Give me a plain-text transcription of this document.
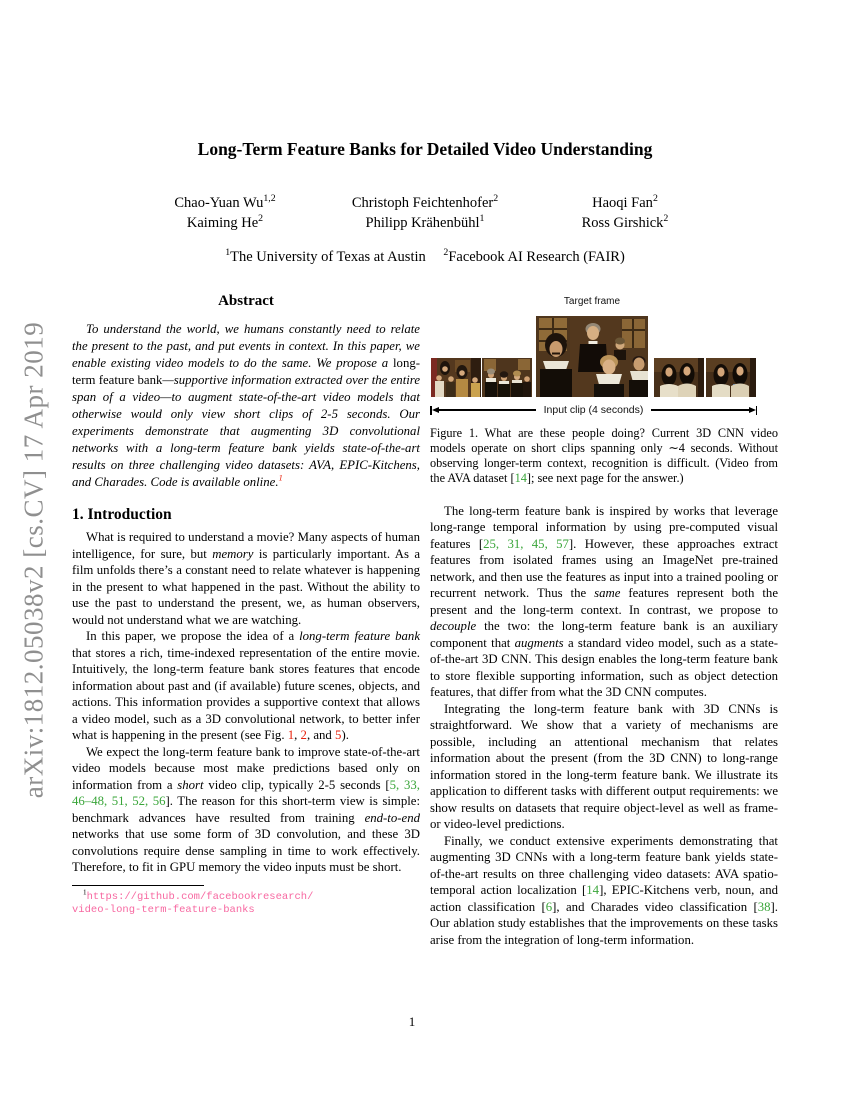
arXiv:1812.05038v2 [cs.CV] 17 Apr 2019
Long-Term Feature Banks for Detailed Video Understanding
Chao-Yuan Wu$^{1,2}$
Kaiming He$^2$
Christoph Feichtenhofer$^2$
Philipp Krähenbühl$^1$
Haoqi Fan$^2$
Ross Girshick$^2$
$^1$The University of Texas at Austin $^2$Facebook AI Research (FAIR)
Abstract

To understand the world, we humans constantly need to relate the present to the past, and put events in context. In this paper, we enable existing video models to do the same. We propose a long-term feature bank—supportive information extracted over the entire span of a video—to augment state-of-the-art video models that otherwise would only view short clips of 2-5 seconds. Our experiments demonstrate that augmenting 3D convolutional networks with a long-term feature bank yields state-of-the-art results on three challenging video datasets: AVA, EPIC-Kitchens, and Charades. Code is available online.$^1$

1. Introduction

What is required to understand a movie? Many aspects of human intelligence, for sure, but memory is particularly important. As a film unfolds there’s a constant need to relate whatever is happening in the present to what happened in the past. Without the ability to use the past to understand the present, we, as human observers, would not understand what we are watching.

In this paper, we propose the idea of a long-term feature bank that stores a rich, time-indexed representation of the entire movie. Intuitively, the long-term feature bank stores features that encode information about past and (if available) future scenes, objects, and actions. This information provides a supportive context that allows a video model, such as a 3D convolutional network, to better infer what is happening in the present (see Fig. 1, 2, and 5).

We expect the long-term feature bank to improve state-of-the-art video models because most make predictions based only on information from a short video clip, typically 2-5 seconds [5, 33, 46–48, 51, 52, 56]. The reason for this short-term view is simple: benchmark advances have resulted from training end-to-end networks that use some form of 3D convolution, and these 3D convolutions require dense sampling in time to work effectively. Therefore, to fit in GPU memory the video inputs must be short.

$^1$https://github.com/facebookresearch/
video-long-term-feature-banks
Target frame
Input clip (4 seconds)
Figure 1. What are these people doing? Current 3D CNN video models operate on short clips spanning only ∼4 seconds. Without observing longer-term context, recognition is difficult. (Video from the AVA dataset [14]; see next page for the answer.)

The long-term feature bank is inspired by works that leverage long-range temporal information by using pre-computed visual features [25, 31, 45, 57]. However, these approaches extract features from isolated frames using an ImageNet pre-trained network, and then use the features as input into a trained pooling or recurrent network. Thus the same features represent both the present and the long-term context. In contrast, we propose to decouple the two: the long-term feature bank is an auxiliary component that augments a standard video model, such as a state-of-the-art 3D CNN. This design enables the long-term feature bank to store flexible supporting information, such as object detection features, that differ from what the 3D CNN computes.

Integrating the long-term feature bank with 3D CNNs is straightforward. We show that a variety of mechanisms are possible, including an attentional mechanism that relates information about the present (from the 3D CNN) to long-range information stored in the long-term feature bank. We illustrate its application to different tasks with different output requirements: we show results on datasets that require object-level as well as frame- or video-level predictions.

Finally, we conduct extensive experiments demonstrating that augmenting 3D CNNs with a long-term feature bank yields state-of-the-art results on three challenging video datasets: AVA spatio-temporal action localization [14], EPIC-Kitchens verb, noun, and action classification [6], and Charades video classification [38]. Our ablation study establishes that the improvements on these tasks arise from the integration of long-term information.

1
